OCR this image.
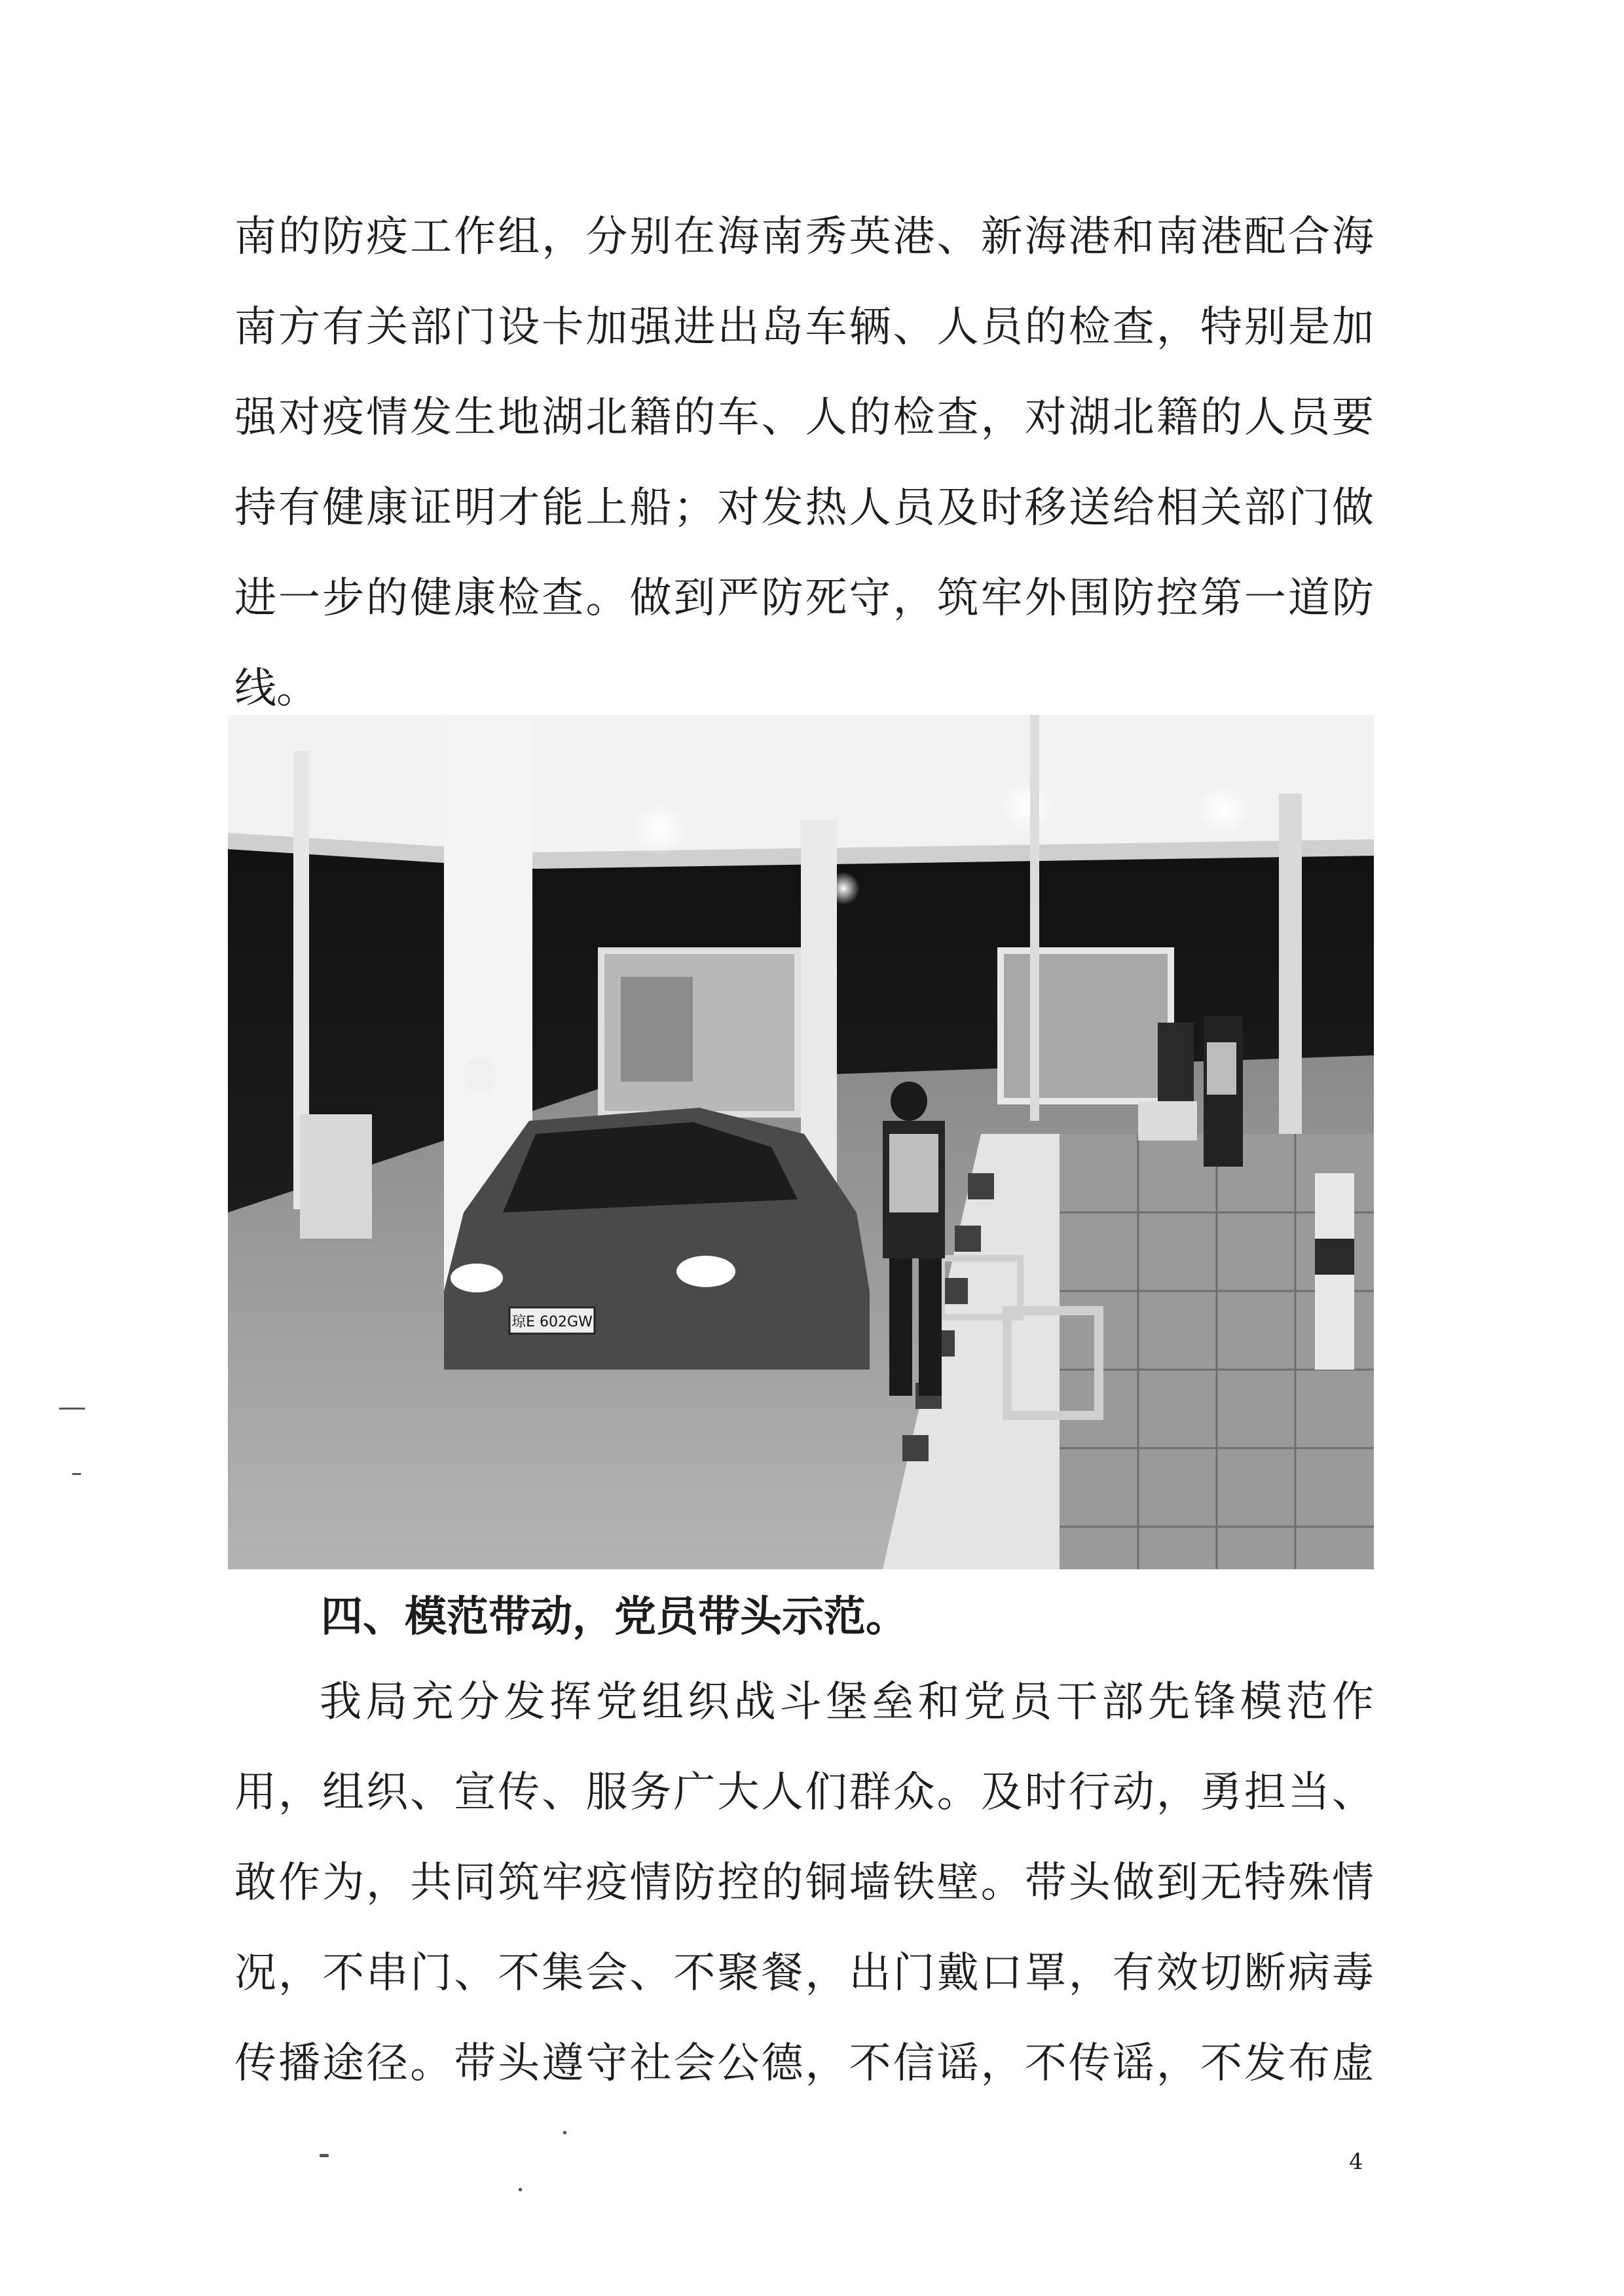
南的防疫工作组，分别在海南秀英港、新海港和南港配合海
南方有关部门设卡加强进出岛车辆、人员的检查，特别是加
强对疫情发生地湖北籍的车、人的检查，对湖北籍的人员要
持有健康证明才能上船；对发热人员及时移送给相关部门做
进一步的健康检查。做到严防死守，筑牢外围防控第一道防
线。
琼E 602GW
四、模范带动，党员带头示范。
我局充分发挥党组织战斗堡垒和党员干部先锋模范作
用，组织、宣传、服务广大人们群众。及时行动，勇担当、
敢作为，共同筑牢疫情防控的铜墙铁壁。带头做到无特殊情
况，不串门、不集会、不聚餐，出门戴口罩，有效切断病毒
传播途径。带头遵守社会公德，不信谣，不传谣，不发布虚
4
